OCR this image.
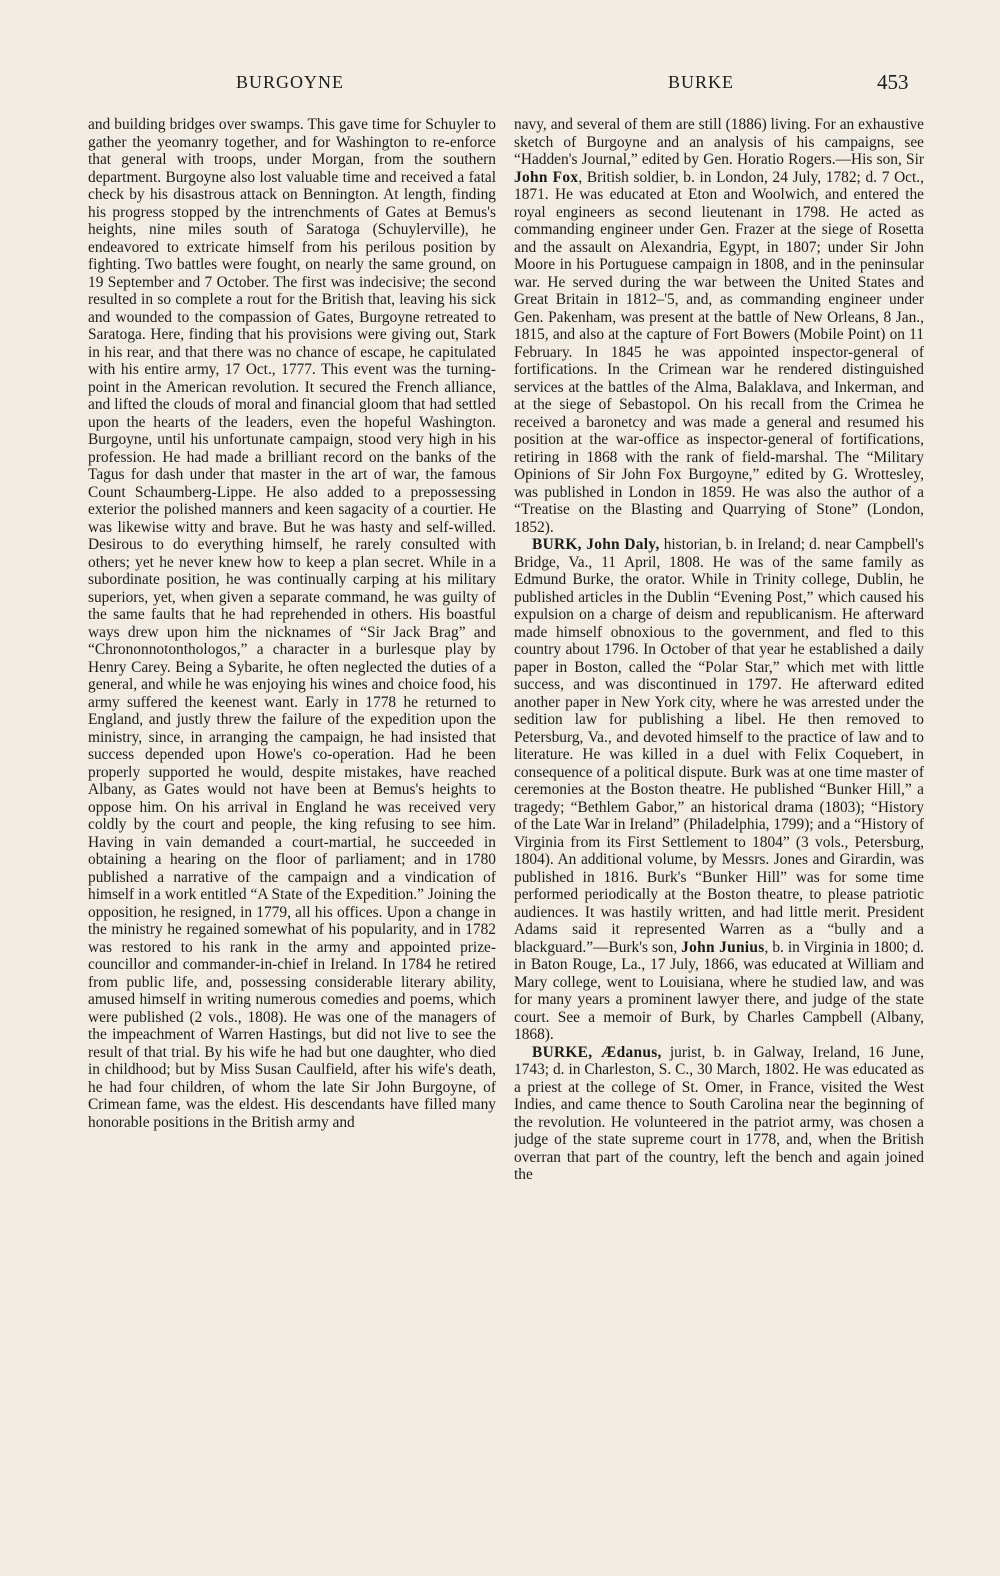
BURGOYNE	BURKE	453

and building bridges over swamps. This gave time for Schuyler to gather the yeomanry together, and for Washington to re-enforce that general with troops, under Morgan, from the southern department. Burgoyne also lost valuable time and received a fatal check by his disastrous attack on Bennington. At length, finding his progress stopped by the intrenchments of Gates at Bemus's heights, nine miles south of Saratoga (Schuylerville), he endeavored to extricate himself from his perilous position by fighting. Two battles were fought, on nearly the same ground, on 19 September and 7 October. The first was indecisive; the second resulted in so complete a rout for the British that, leaving his sick and wounded to the compassion of Gates, Burgoyne retreated to Saratoga. Here, finding that his provisions were giving out, Stark in his rear, and that there was no chance of escape, he capitulated with his entire army, 17 Oct., 1777. This event was the turning-point in the American revolution. It secured the French alliance, and lifted the clouds of moral and financial gloom that had settled upon the hearts of the leaders, even the hopeful Washington. Burgoyne, until his unfortunate campaign, stood very high in his profession. He had made a brilliant record on the banks of the Tagus for dash under that master in the art of war, the famous Count Schaumberg-Lippe. He also added to a prepossessing exterior the polished manners and keen sagacity of a courtier. He was likewise witty and brave. But he was hasty and self-willed. Desirous to do everything himself, he rarely consulted with others; yet he never knew how to keep a plan secret. While in a subordinate position, he was continually carping at his military superiors, yet, when given a separate command, he was guilty of the same faults that he had reprehended in others. His boastful ways drew upon him the nicknames of “Sir Jack Brag” and “Chrononnotonthologos,” a character in a burlesque play by Henry Carey. Being a Sybarite, he often neglected the duties of a general, and while he was enjoying his wines and choice food, his army suffered the keenest want. Early in 1778 he returned to England, and justly threw the failure of the expedition upon the ministry, since, in arranging the campaign, he had insisted that success depended upon Howe's co-operation. Had he been properly supported he would, despite mistakes, have reached Albany, as Gates would not have been at Bemus's heights to oppose him. On his arrival in England he was received very coldly by the court and people, the king refusing to see him. Having in vain demanded a court-martial, he succeeded in obtaining a hearing on the floor of parliament; and in 1780 published a narrative of the campaign and a vindication of himself in a work entitled “A State of the Expedition.” Joining the opposition, he resigned, in 1779, all his offices. Upon a change in the ministry he regained somewhat of his popularity, and in 1782 was restored to his rank in the army and appointed prize-councillor and commander-in-chief in Ireland. In 1784 he retired from public life, and, possessing considerable literary ability, amused himself in writing numerous comedies and poems, which were published (2 vols., 1808). He was one of the managers of the impeachment of Warren Hastings, but did not live to see the result of that trial. By his wife he had but one daughter, who died in childhood; but by Miss Susan Caulfield, after his wife's death, he had four children, of whom the late Sir John Burgoyne, of Crimean fame, was the eldest. His descendants have filled many honorable positions in the British army and

navy, and several of them are still (1886) living. For an exhaustive sketch of Burgoyne and an analysis of his campaigns, see “Hadden's Journal,” edited by Gen. Horatio Rogers.—His son, Sir John Fox, British soldier, b. in London, 24 July, 1782; d. 7 Oct., 1871. He was educated at Eton and Woolwich, and entered the royal engineers as second lieutenant in 1798. He acted as commanding engineer under Gen. Frazer at the siege of Rosetta and the assault on Alexandria, Egypt, in 1807; under Sir John Moore in his Portuguese campaign in 1808, and in the peninsular war. He served during the war between the United States and Great Britain in 1812–'5, and, as commanding engineer under Gen. Pakenham, was present at the battle of New Orleans, 8 Jan., 1815, and also at the capture of Fort Bowers (Mobile Point) on 11 February. In 1845 he was appointed inspector-general of fortifications. In the Crimean war he rendered distinguished services at the battles of the Alma, Balaklava, and Inkerman, and at the siege of Sebastopol. On his recall from the Crimea he received a baronetcy and was made a general and resumed his position at the war-office as inspector-general of fortifications, retiring in 1868 with the rank of field-marshal. The “Military Opinions of Sir John Fox Burgoyne,” edited by G. Wrottesley, was published in London in 1859. He was also the author of a “Treatise on the Blasting and Quarrying of Stone” (London, 1852).

BURK, John Daly, historian, b. in Ireland; d. near Campbell's Bridge, Va., 11 April, 1808. He was of the same family as Edmund Burke, the orator. While in Trinity college, Dublin, he published articles in the Dublin “Evening Post,” which caused his expulsion on a charge of deism and republicanism. He afterward made himself obnoxious to the government, and fled to this country about 1796. In October of that year he established a daily paper in Boston, called the “Polar Star,” which met with little success, and was discontinued in 1797. He afterward edited another paper in New York city, where he was arrested under the sedition law for publishing a libel. He then removed to Petersburg, Va., and devoted himself to the practice of law and to literature. He was killed in a duel with Felix Coquebert, in consequence of a political dispute. Burk was at one time master of ceremonies at the Boston theatre. He published “Bunker Hill,” a tragedy; “Bethlem Gabor,” an historical drama (1803); “History of the Late War in Ireland” (Philadelphia, 1799); and a “History of Virginia from its First Settlement to 1804” (3 vols., Petersburg, 1804). An additional volume, by Messrs. Jones and Girardin, was published in 1816. Burk's “Bunker Hill” was for some time performed periodically at the Boston theatre, to please patriotic audiences. It was hastily written, and had little merit. President Adams said it represented Warren as a “bully and a blackguard.”—Burk's son, John Junius, b. in Virginia in 1800; d. in Baton Rouge, La., 17 July, 1866, was educated at William and Mary college, went to Louisiana, where he studied law, and was for many years a prominent lawyer there, and judge of the state court. See a memoir of Burk, by Charles Campbell (Albany, 1868).

BURKE, Ædanus, jurist, b. in Galway, Ireland, 16 June, 1743; d. in Charleston, S. C., 30 March, 1802. He was educated as a priest at the college of St. Omer, in France, visited the West Indies, and came thence to South Carolina near the beginning of the revolution. He volunteered in the patriot army, was chosen a judge of the state supreme court in 1778, and, when the British overran that part of the country, left the bench and again joined the
